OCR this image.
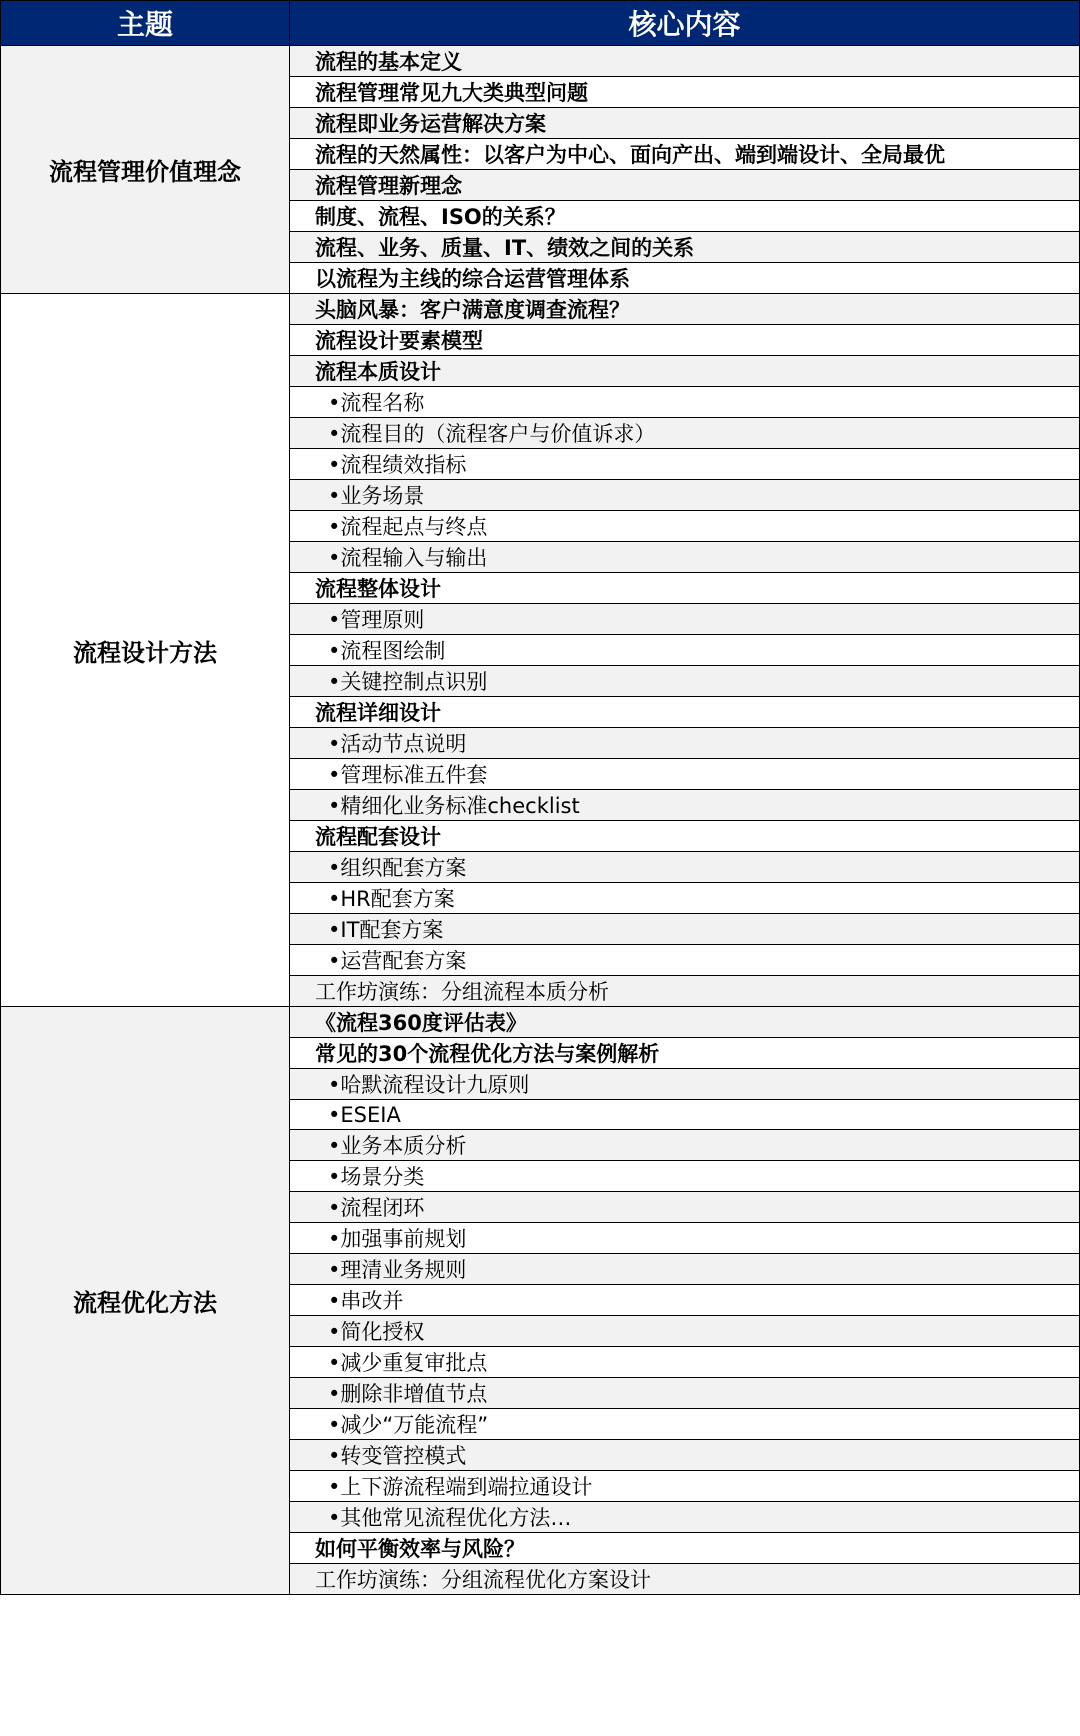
主题	核心内容
流程管理价值理念	流程的基本定义
	流程管理常见九大类典型问题
	流程即业务运营解决方案
	流程的天然属性：以客户为中心、面向产出、端到端设计、全局最优
	流程管理新理念
	制度、流程、ISO的关系？
	流程、业务、质量、IT、绩效之间的关系
	以流程为主线的综合运营管理体系
流程设计方法	头脑风暴：客户满意度调查流程？
	流程设计要素模型
	流程本质设计
	•流程名称
	•流程目的（流程客户与价值诉求）
	•流程绩效指标
	•业务场景
	•流程起点与终点
	•流程输入与输出
	流程整体设计
	•管理原则
	•流程图绘制
	•关键控制点识别
	流程详细设计
	•活动节点说明
	•管理标准五件套
	•精细化业务标准checklist
	流程配套设计
	•组织配套方案
	•HR配套方案
	•IT配套方案
	•运营配套方案
	工作坊演练：分组流程本质分析
流程优化方法	《流程360度评估表》
	常见的30个流程优化方法与案例解析
	•哈默流程设计九原则
	•ESEIA
	•业务本质分析
	•场景分类
	•流程闭环
	•加强事前规划
	•理清业务规则
	•串改并
	•简化授权
	•减少重复审批点
	•删除非增值节点
	•减少“万能流程”
	•转变管控模式
	•上下游流程端到端拉通设计
	•其他常见流程优化方法…
	如何平衡效率与风险？
	工作坊演练：分组流程优化方案设计
